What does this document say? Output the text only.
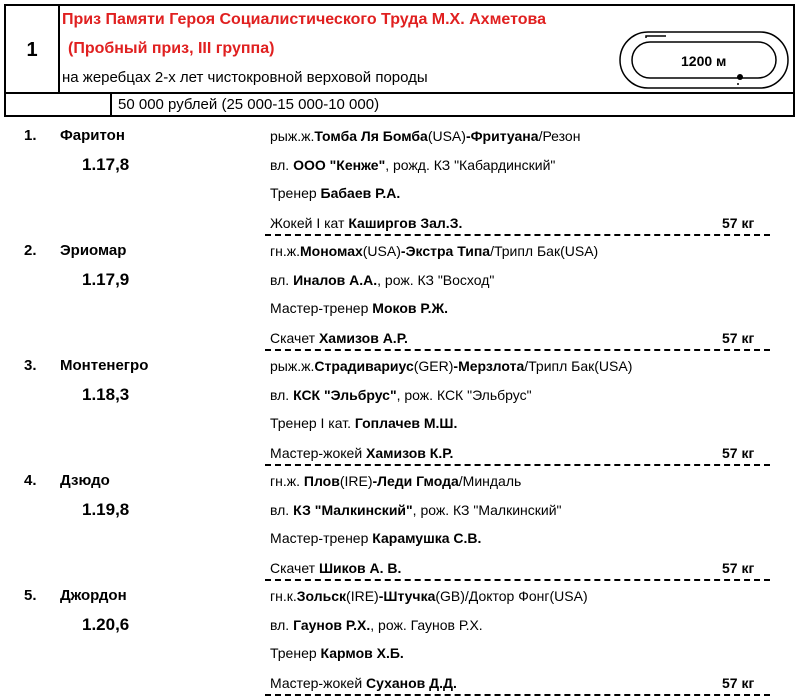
1
Приз Памяти Героя Социалистического Труда М.Х. Ахметова
(Пробный приз, III группа)
на жеребцах 2-х лет чистокровной верховой породы
50 000 рублей (25 000-15 000-10 000)
1200 м
1. Фаритон
1.17,8
рыж.ж.Томба Ля Бомба(USA)-Фритуана/Резон
вл. ООО "Кенже", рожд. КЗ "Кабардинский"
Тренер Бабаев Р.А.
Жокей I кат Каширгов Зал.З.	57 кг
2. Эриомар
1.17,9
гн.ж.Мономах(USA)-Экстра Типа/Трипл Бак(USA)
вл. Иналов А.А., рож. КЗ "Восход"
Мастер-тренер Моков Р.Ж.
Скачет Хамизов А.Р.	57 кг
3. Монтенегро
1.18,3
рыж.ж.Страдивариус(GER)-Мерзлота/Трипл Бак(USA)
вл. КСК "Эльбрус", рож. КСК "Эльбрус"
Тренер I кат. Гоплачев М.Ш.
Мастер-жокей Хамизов К.Р.	57 кг
4. Дзюдо
1.19,8
гн.ж. Плов(IRE)-Леди Гмода/Миндаль
вл. КЗ "Малкинский", рож. КЗ "Малкинский"
Мастер-тренер Карамушка С.В.
Скачет Шиков А. В.	57 кг
5. Джордон
1.20,6
гн.к.Зольск(IRE)-Штучка(GB)/Доктор Фонг(USA)
вл. Гаунов Р.Х., рож. Гаунов Р.Х.
Тренер Кармов Х.Б.
Мастер-жокей Суханов Д.Д.	57 кг
